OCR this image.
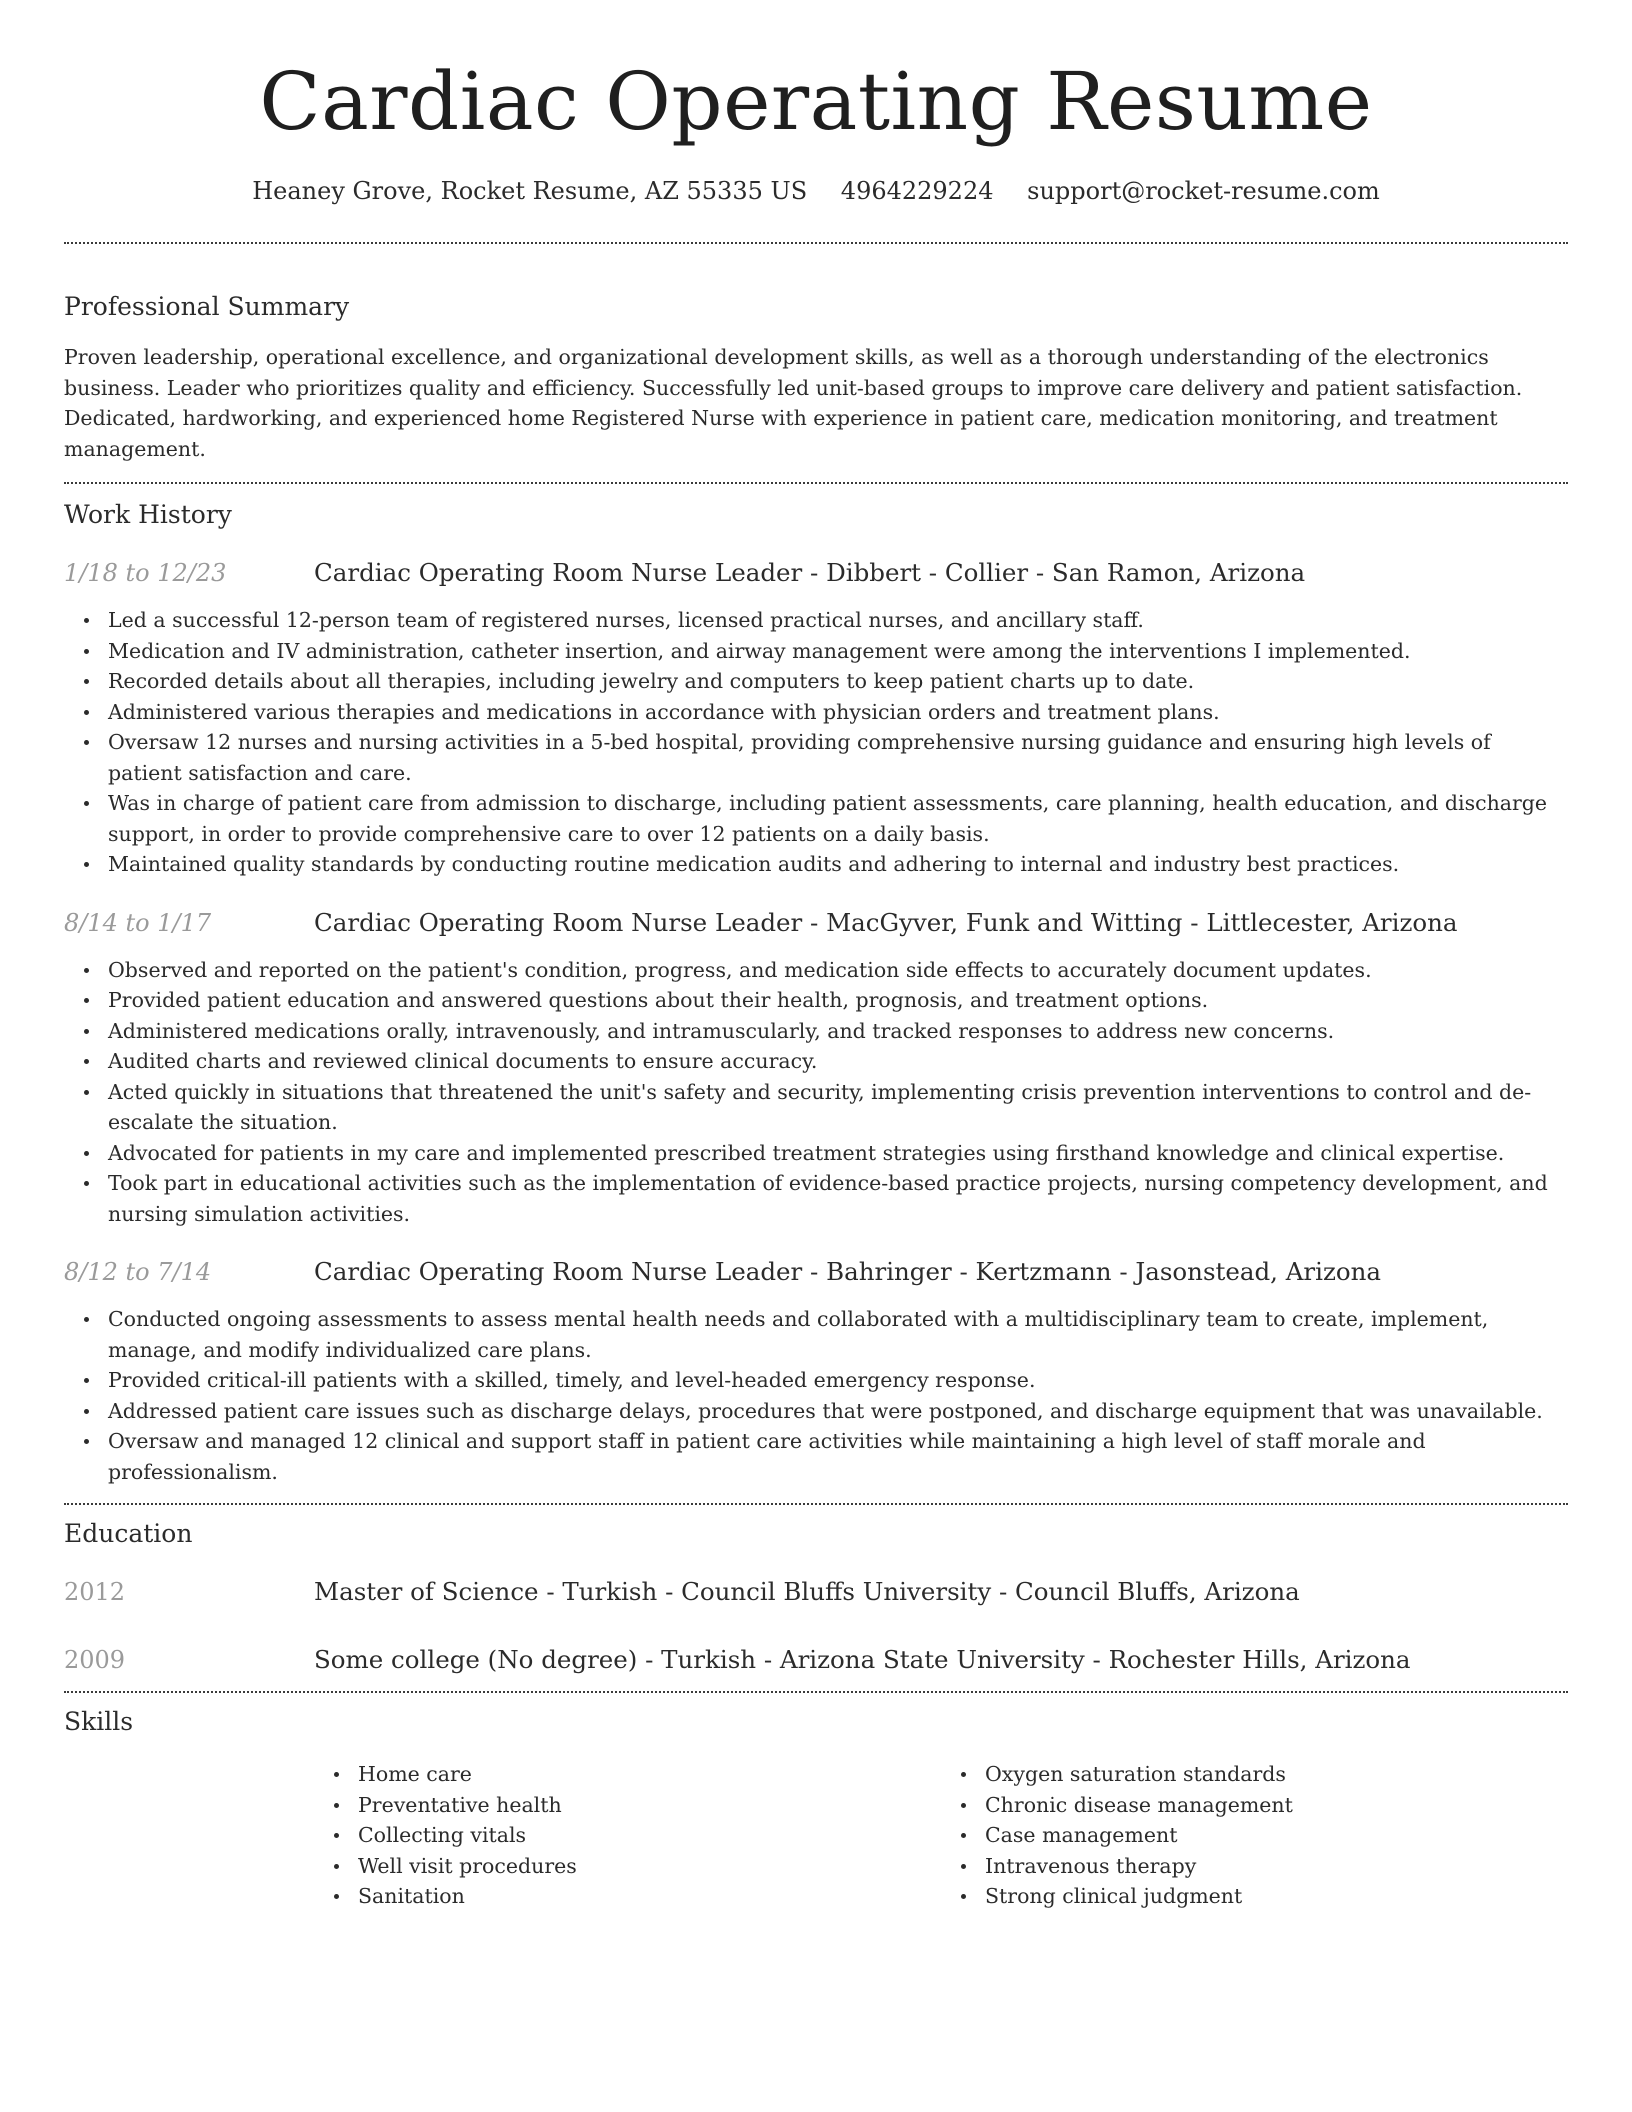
Cardiac Operating Resume
Heaney Grove, Rocket Resume, AZ 55335 US 4964229224 support@rocket-resume.com
Professional Summary

Proven leadership, operational excellence, and organizational development skills, as well as a thorough understanding of the electronics business. Leader who prioritizes quality and efficiency. Successfully led unit-based groups to improve care delivery and patient satisfaction. Dedicated, hardworking, and experienced home Registered Nurse with experience in patient care, medication monitoring, and treatment management.

Work History
1/18 to 12/23	Cardiac Operating Room Nurse Leader - Dibbert - Collier - San Ramon, Arizona
Led a successful 12-person team of registered nurses, licensed practical nurses, and ancillary staff.
Medication and IV administration, catheter insertion, and airway management were among the interventions I implemented.
Recorded details about all therapies, including jewelry and computers to keep patient charts up to date.
Administered various therapies and medications in accordance with physician orders and treatment plans.
Oversaw 12 nurses and nursing activities in a 5-bed hospital, providing comprehensive nursing guidance and ensuring high levels of patient satisfaction and care.
Was in charge of patient care from admission to discharge, including patient assessments, care planning, health education, and discharge support, in order to provide comprehensive care to over 12 patients on a daily basis.
Maintained quality standards by conducting routine medication audits and adhering to internal and industry best practices.
8/14 to 1/17	Cardiac Operating Room Nurse Leader - MacGyver, Funk and Witting - Littlecester, Arizona
Observed and reported on the patient's condition, progress, and medication side effects to accurately document updates.
Provided patient education and answered questions about their health, prognosis, and treatment options.
Administered medications orally, intravenously, and intramuscularly, and tracked responses to address new concerns.
Audited charts and reviewed clinical documents to ensure accuracy.
Acted quickly in situations that threatened the unit's safety and security, implementing crisis prevention interventions to control and de-escalate the situation.
Advocated for patients in my care and implemented prescribed treatment strategies using firsthand knowledge and clinical expertise.
Took part in educational activities such as the implementation of evidence-based practice projects, nursing competency development, and nursing simulation activities.
8/12 to 7/14	Cardiac Operating Room Nurse Leader - Bahringer - Kertzmann - Jasonstead, Arizona
Conducted ongoing assessments to assess mental health needs and collaborated with a multidisciplinary team to create, implement, manage, and modify individualized care plans.
Provided critical-ill patients with a skilled, timely, and level-headed emergency response.
Addressed patient care issues such as discharge delays, procedures that were postponed, and discharge equipment that was unavailable.
Oversaw and managed 12 clinical and support staff in patient care activities while maintaining a high level of staff morale and professionalism.
Education
2012	Master of Science - Turkish - Council Bluffs University - Council Bluffs, Arizona
2009	Some college (No degree) - Turkish - Arizona State University - Rochester Hills, Arizona
Skills
Home care
Preventative health
Collecting vitals
Well visit procedures
Sanitation
Oxygen saturation standards
Chronic disease management
Case management
Intravenous therapy
Strong clinical judgment
